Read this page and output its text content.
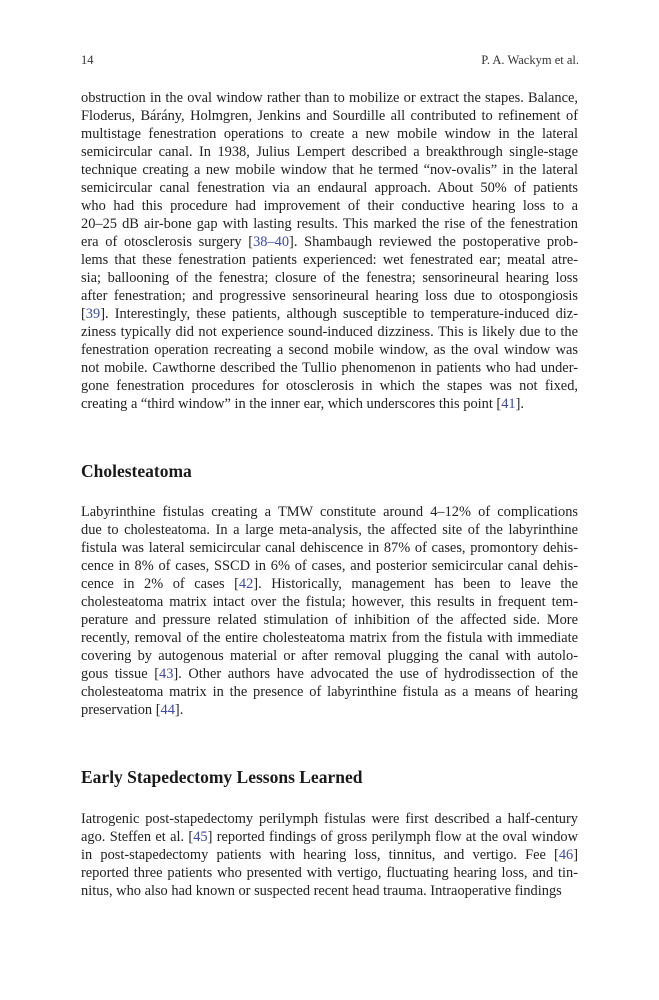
14	P. A. Wackym et al.
obstruction in the oval window rather than to mobilize or extract the stapes. Balance,
Floderus, Bárány, Holmgren, Jenkins and Sourdille all contributed to refinement of
multistage fenestration operations to create a new mobile window in the lateral
semicircular canal. In 1938, Julius Lempert described a breakthrough single-stage
technique creating a new mobile window that he termed “nov-ovalis” in the lateral
semicircular canal fenestration via an endaural approach. About 50% of patients
who had this procedure had improvement of their conductive hearing loss to a
20–25 dB air-bone gap with lasting results. This marked the rise of the fenestration
era of otosclerosis surgery [38–40]. Shambaugh reviewed the postoperative prob-
lems that these fenestration patients experienced: wet fenestrated ear; meatal atre-
sia; ballooning of the fenestra; closure of the fenestra; sensorineural hearing loss
after fenestration; and progressive sensorineural hearing loss due to otospongiosis
[39]. Interestingly, these patients, although susceptible to temperature-induced diz-
ziness typically did not experience sound-induced dizziness. This is likely due to the
fenestration operation recreating a second mobile window, as the oval window was
not mobile. Cawthorne described the Tullio phenomenon in patients who had under-
gone fenestration procedures for otosclerosis in which the stapes was not fixed,
creating a “third window” in the inner ear, which underscores this point [41].
Cholesteatoma
Labyrinthine fistulas creating a TMW constitute around 4–12% of complications
due to cholesteatoma. In a large meta-analysis, the affected site of the labyrinthine
fistula was lateral semicircular canal dehiscence in 87% of cases, promontory dehis-
cence in 8% of cases, SSCD in 6% of cases, and posterior semicircular canal dehis-
cence in 2% of cases [42]. Historically, management has been to leave the
cholesteatoma matrix intact over the fistula; however, this results in frequent tem-
perature and pressure related stimulation of inhibition of the affected side. More
recently, removal of the entire cholesteatoma matrix from the fistula with immediate
covering by autogenous material or after removal plugging the canal with autolo-
gous tissue [43]. Other authors have advocated the use of hydrodissection of the
cholesteatoma matrix in the presence of labyrinthine fistula as a means of hearing
preservation [44].
Early Stapedectomy Lessons Learned
Iatrogenic post-stapedectomy perilymph fistulas were first described a half-century
ago. Steffen et al. [45] reported findings of gross perilymph flow at the oval window
in post-stapedectomy patients with hearing loss, tinnitus, and vertigo. Fee [46]
reported three patients who presented with vertigo, fluctuating hearing loss, and tin-
nitus, who also had known or suspected recent head trauma. Intraoperative findings
